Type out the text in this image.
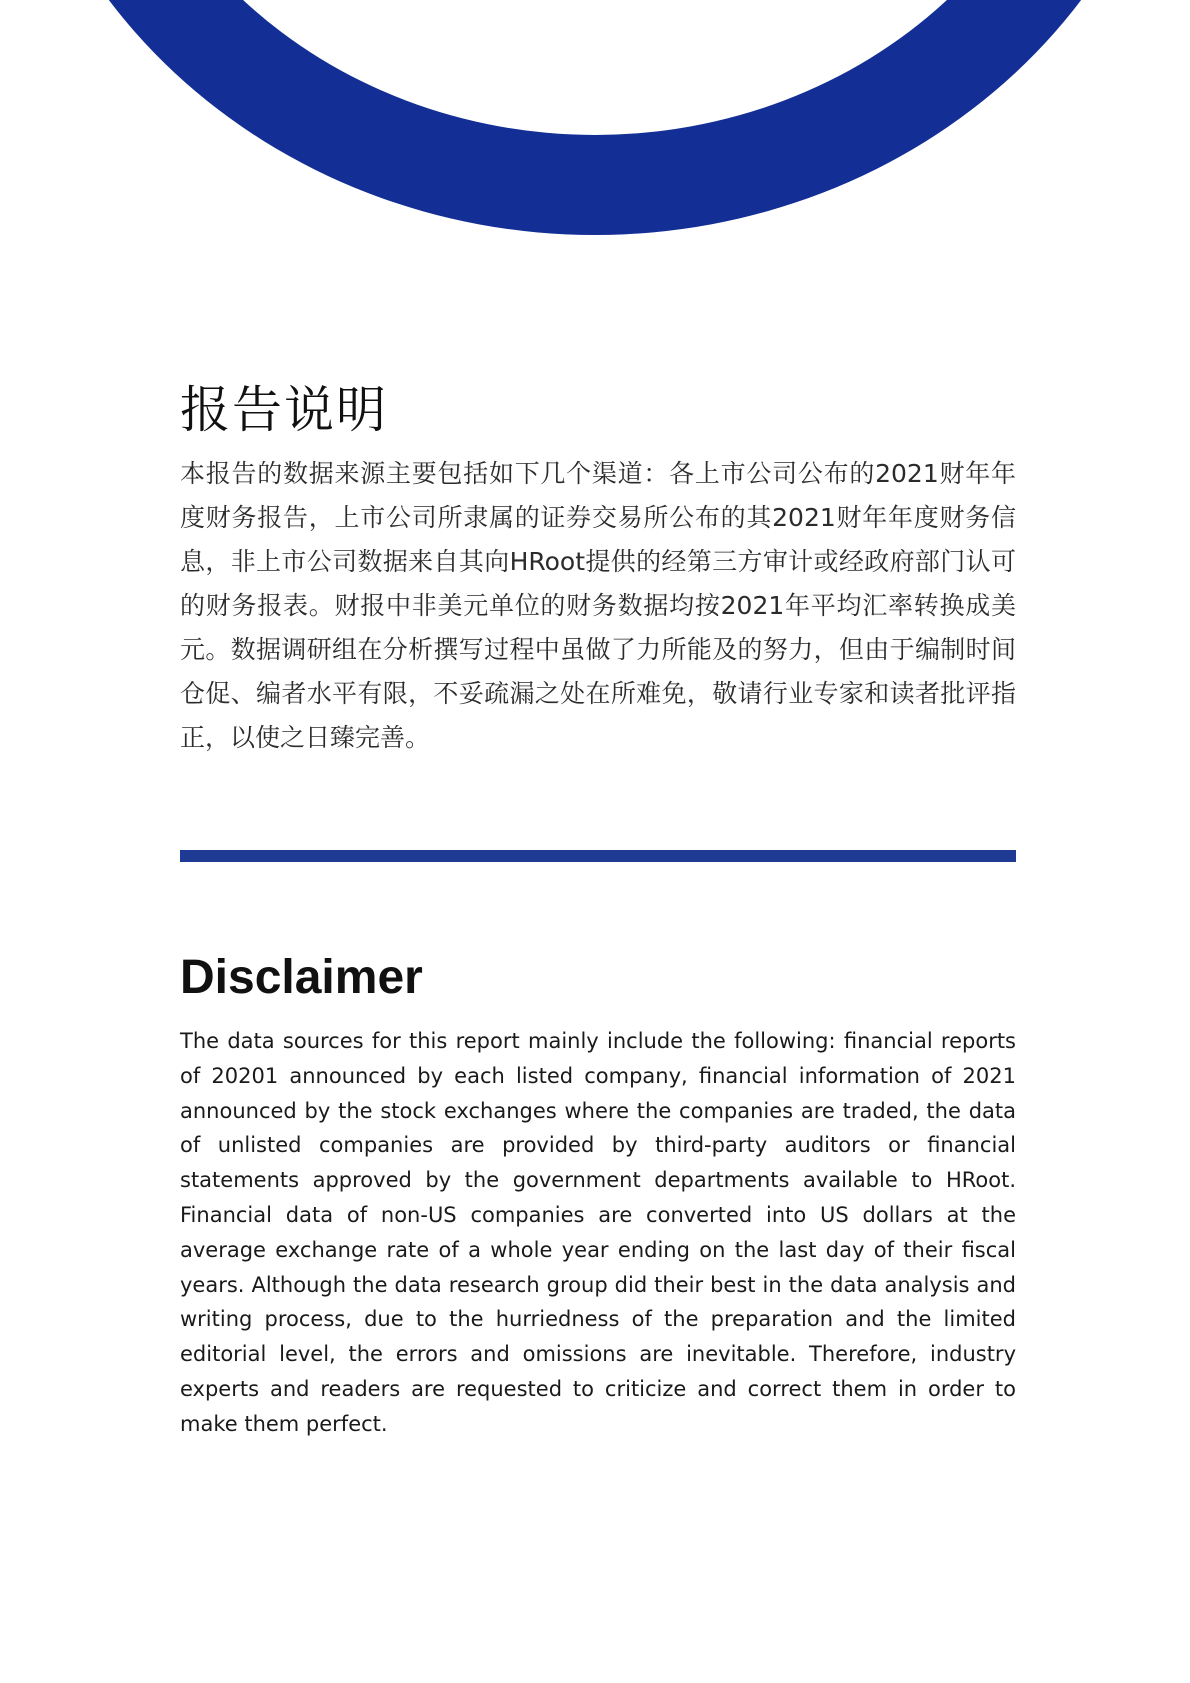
报告说明

本报告的数据来源主要包括如下几个渠道：各上市公司公布的2021财年年度财务报告，上市公司所隶属的证券交易所公布的其2021财年年度财务信息，非上市公司数据来自其向HRoot提供的经第三方审计或经政府部门认可的财务报表。财报中非美元单位的财务数据均按2021年平均汇率转换成美元。数据调研组在分析撰写过程中虽做了力所能及的努力，但由于编制时间仓促、编者水平有限，不妥疏漏之处在所难免，敬请行业专家和读者批评指正，以使之日臻完善。

Disclaimer

The data sources for this report mainly include the following: financial reports of 20201 announced by each listed company, financial information of 2021 announced by the stock exchanges where the companies are traded, the data of unlisted companies are provided by third-party auditors or financial statements approved by the government departments available to HRoot. Financial data of non-US companies are converted into US dollars at the average exchange rate of a whole year ending on the last day of their fiscal years. Although the data research group did their best in the data analysis and writing process, due to the hurriedness of the preparation and the limited editorial level, the errors and omissions are inevitable. Therefore, industry experts and readers are requested to criticize and correct them in order to make them perfect.
